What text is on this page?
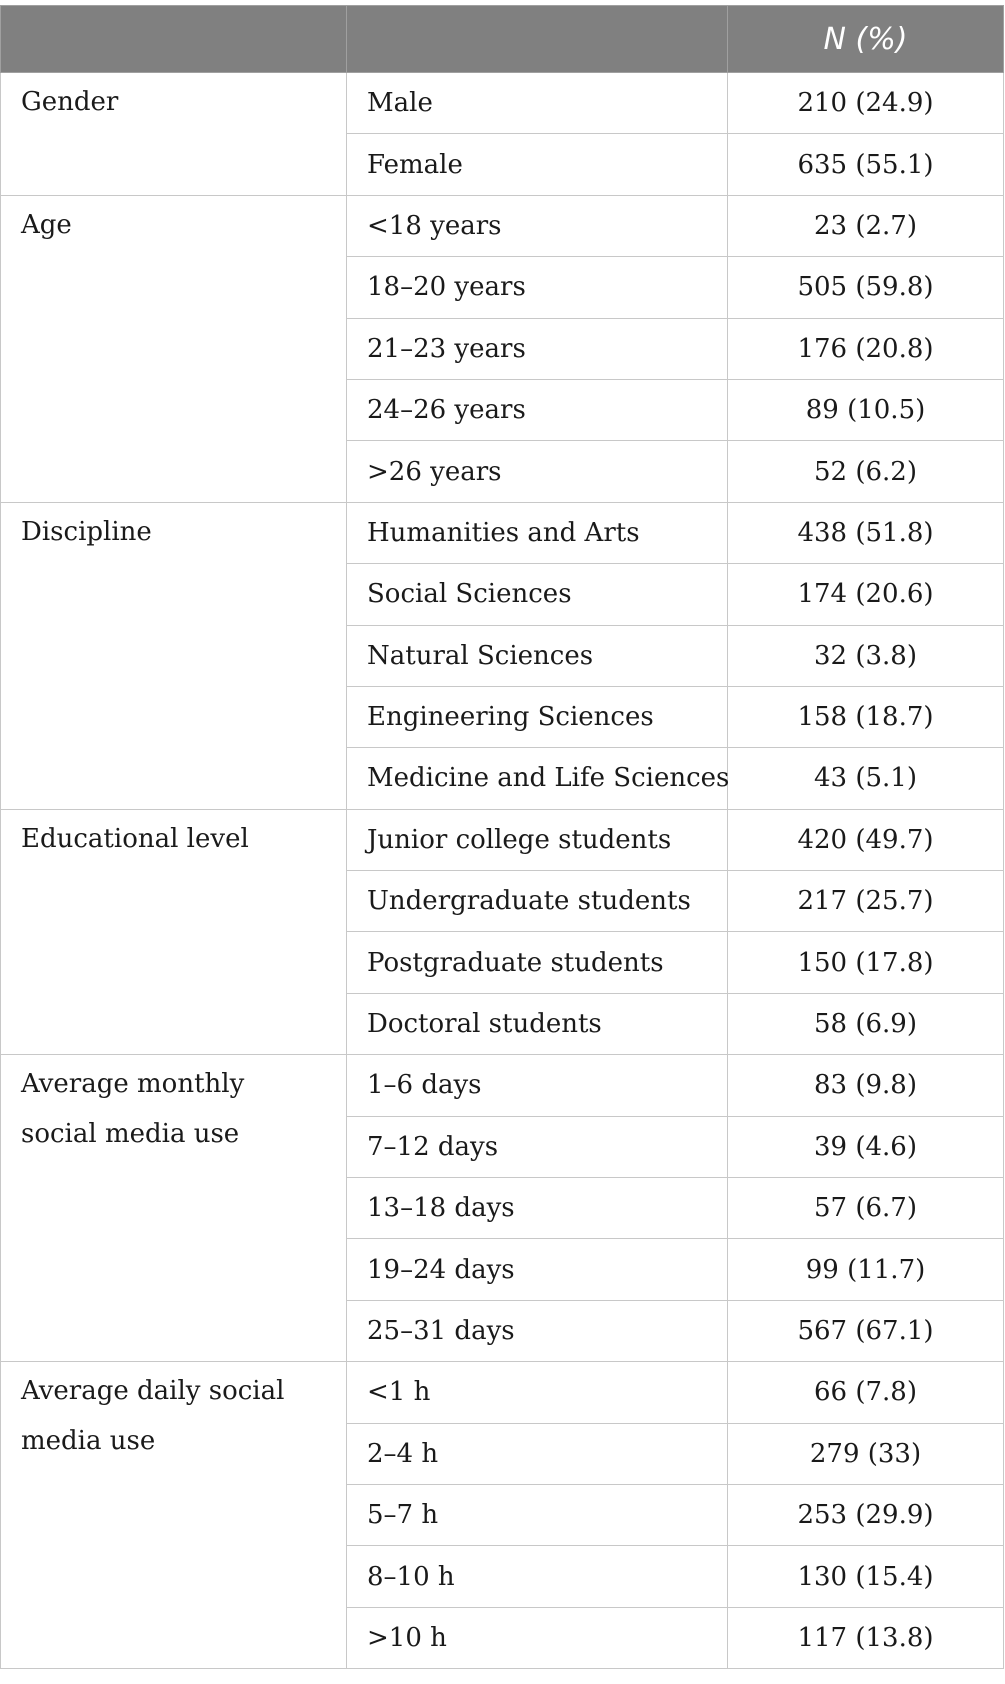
		N (%)

Gender	Male	210 (24.9)
	Female	635 (55.1)

Age	<18 years	23 (2.7)
	18–20 years	505 (59.8)
	21–23 years	176 (20.8)
	24–26 years	89 (10.5)
	>26 years	52 (6.2)

Discipline	Humanities and Arts	438 (51.8)
	Social Sciences	174 (20.6)
	Natural Sciences	32 (3.8)
	Engineering Sciences	158 (18.7)
	Medicine and Life Sciences	43 (5.1)

Educational level	Junior college students	420 (49.7)
	Undergraduate students	217 (25.7)
	Postgraduate students	150 (17.8)
	Doctoral students	58 (6.9)

Average monthly social media use	1–6 days	83 (9.8)
	7–12 days	39 (4.6)
	13–18 days	57 (6.7)
	19–24 days	99 (11.7)
	25–31 days	567 (67.1)

Average daily social media use	<1 h	66 (7.8)
	2–4 h	279 (33)
	5–7 h	253 (29.9)
	8–10 h	130 (15.4)
	>10 h	117 (13.8)
